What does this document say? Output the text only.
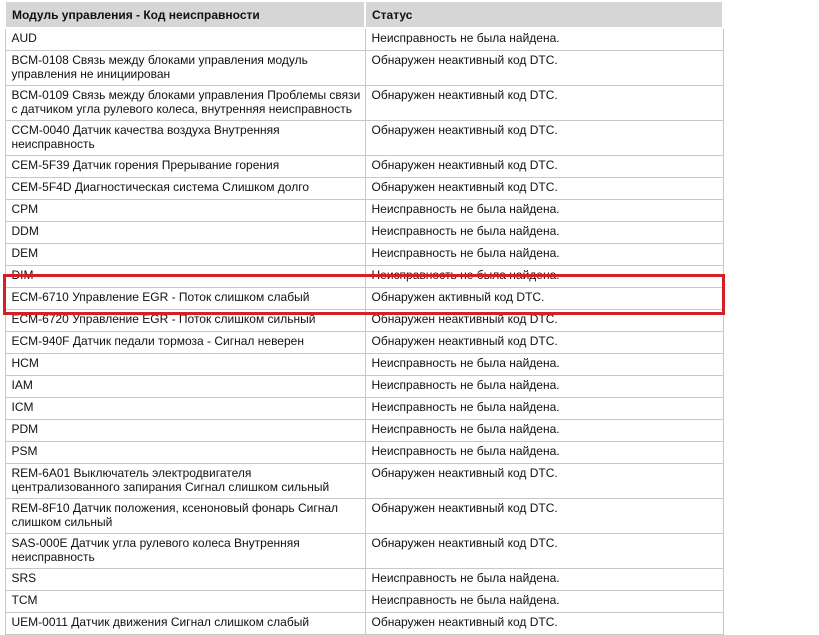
Модуль управления - Код неисправности	Статус

AUD	Неисправность не была найдена.

BCM-0108 Связь между блоками управления модуль управления не инициирован	Обнаружен неактивный код DTC.

BCM-0109 Связь между блоками управления Проблемы связи с датчиком угла рулевого колеса, внутренняя неисправность	Обнаружен неактивный код DTC.

CCM-0040 Датчик качества воздуха Внутренняя неисправность	Обнаружен неактивный код DTC.

CEM-5F39 Датчик горения Прерывание горения	Обнаружен неактивный код DTC.

CEM-5F4D Диагностическая система Слишком долго	Обнаружен неактивный код DTC.

CPM	Неисправность не была найдена.

DDM	Неисправность не была найдена.

DEM	Неисправность не была найдена.

DIM	Неисправность не была найдена.

ECM-6710 Управление EGR - Поток слишком слабый	Обнаружен активный код DTC.

ECM-6720 Управление EGR - Поток слишком сильный	Обнаружен неактивный код DTC.

ECM-940F Датчик педали тормоза - Сигнал неверен	Обнаружен неактивный код DTC.

HCM	Неисправность не была найдена.

IAM	Неисправность не была найдена.

ICM	Неисправность не была найдена.

PDM	Неисправность не была найдена.

PSM	Неисправность не была найдена.

REM-6A01 Выключатель электродвигателя централизованного запирания Сигнал слишком сильный	Обнаружен неактивный код DTC.

REM-8F10 Датчик положения, ксеноновый фонарь Сигнал слишком сильный	Обнаружен неактивный код DTC.

SAS-000E Датчик угла рулевого колеса Внутренняя неисправность	Обнаружен неактивный код DTC.

SRS	Неисправность не была найдена.

TCM	Неисправность не была найдена.

UEM-0011 Датчик движения Сигнал слишком слабый	Обнаружен неактивный код DTC.
